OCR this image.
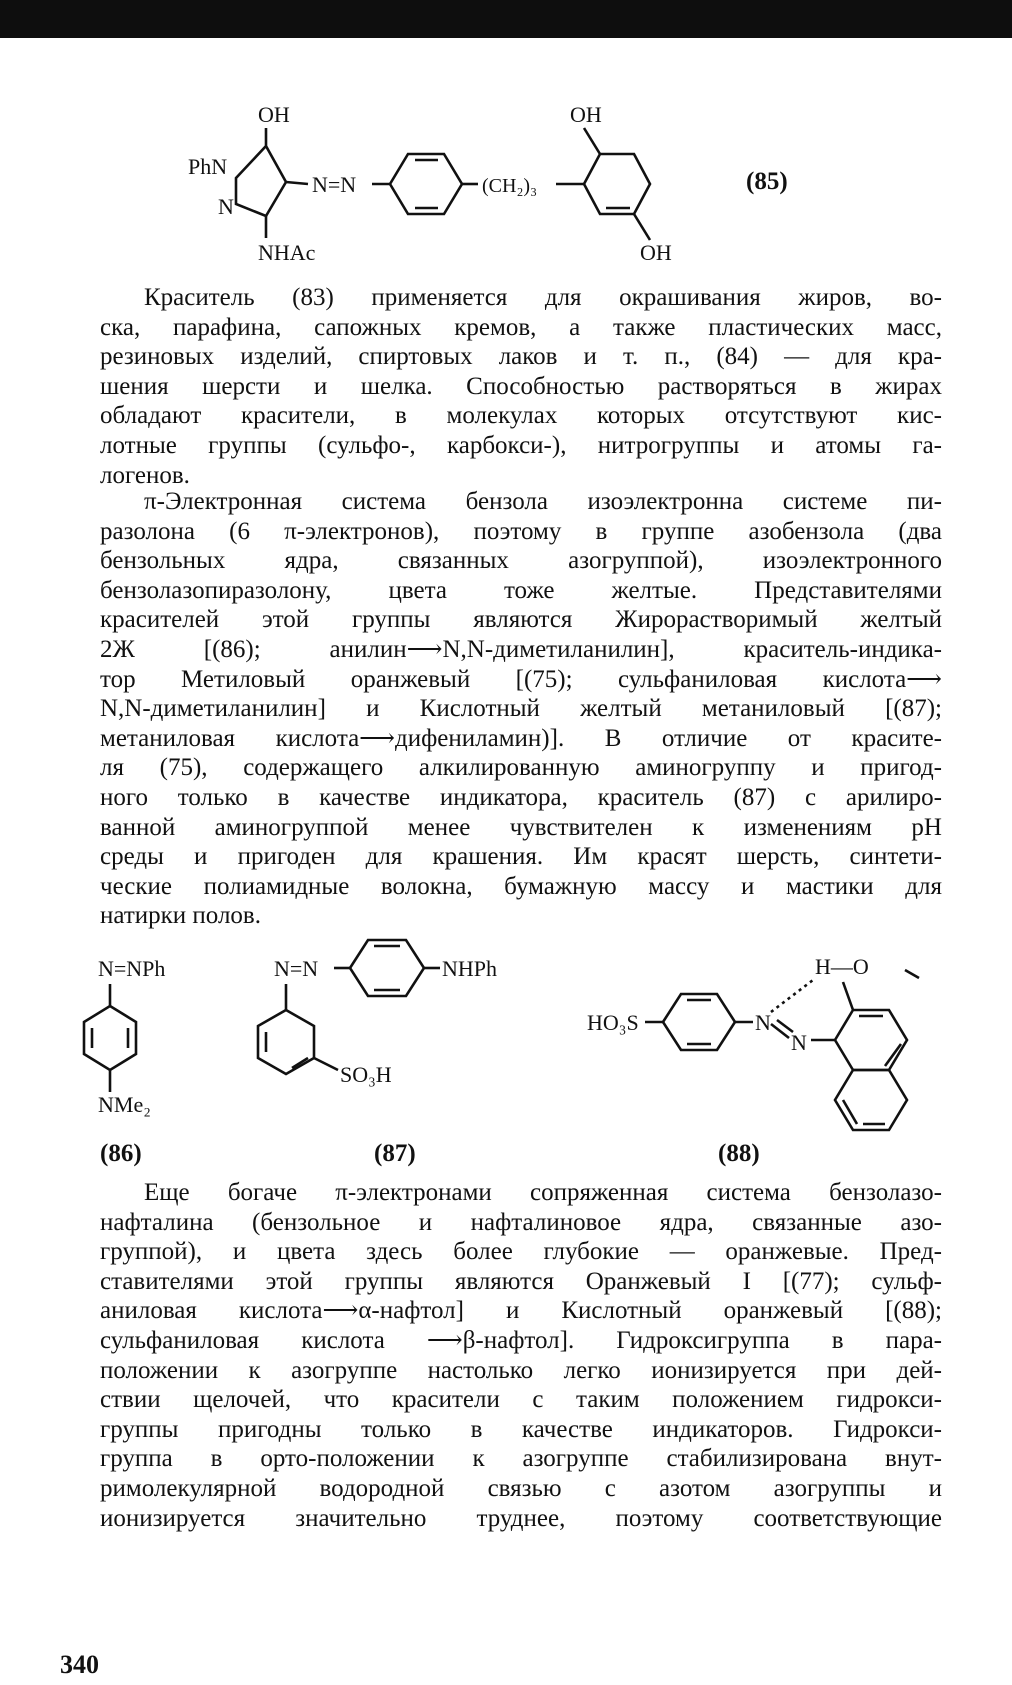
OH	OH
PhN
N
N=N	(CH₂)₃
NHAc	OH
(85)
Краситель (83) применяется для окрашивания жиров, во-
ска, парафина, сапожных кремов, а также пластических масс,
резиновых изделий, спиртовых лаков и т. п., (84) — для кра-
шения шерсти и шелка. Способностью растворяться в жирах
обладают красители, в молекулах которых отсутствуют кис-
лотные группы (сульфо-, карбокси-), нитрогруппы и атомы га-
логенов.
π-Электронная система бензола изоэлектронна системе пи-
разолона (6 π-электронов), поэтому в группе азобензола (два
бензольных ядра, связанных азогруппой), изоэлектронного
бензолазопиразолону, цвета тоже желтые. Представителями
красителей этой группы являются Жирорастворимый желтый
2Ж [(86); анилин⟶N,N-диметиланилин], краситель-индика-
тор Метиловый оранжевый [(75); сульфаниловая кислота⟶
N,N-диметиланилин] и Кислотный желтый метаниловый [(87);
метаниловая кислота⟶дифениламин)]. В отличие от красите-
ля (75), содержащего алкилированную аминогруппу и пригод-
ного только в качестве индикатора, краситель (87) с арилиро-
ванной аминогруппой менее чувствителен к изменениям pH
среды и пригоден для крашения. Им красят шерсть, синтети-
ческие полиамидные волокна, бумажную массу и мастики для
натирки полов.
N=NPh
NMe₂
(86)
N=N
SO₃H
NHPh
(87)
H—O
HO₃S	N
N
(88)
Еще богаче π-электронами сопряженная система бензолазо-
нафталина (бензольное и нафталиновое ядра, связанные азо-
группой), и цвета здесь более глубокие — оранжевые. Пред-
ставителями этой группы являются Оранжевый I [(77); сульф-
аниловая кислота⟶α-нафтол] и Кислотный оранжевый [(88);
сульфаниловая кислота ⟶β-нафтол]. Гидроксигруппа в пара-
положении к азогруппе настолько легко ионизируется при дей-
ствии щелочей, что красители с таким положением гидрокси-
группы пригодны только в качестве индикаторов. Гидрокси-
группа в орто-положении к азогруппе стабилизирована внут-
римолекулярной водородной связью с азотом азогруппы и
ионизируется значительно труднее, поэтому соответствующие
340
